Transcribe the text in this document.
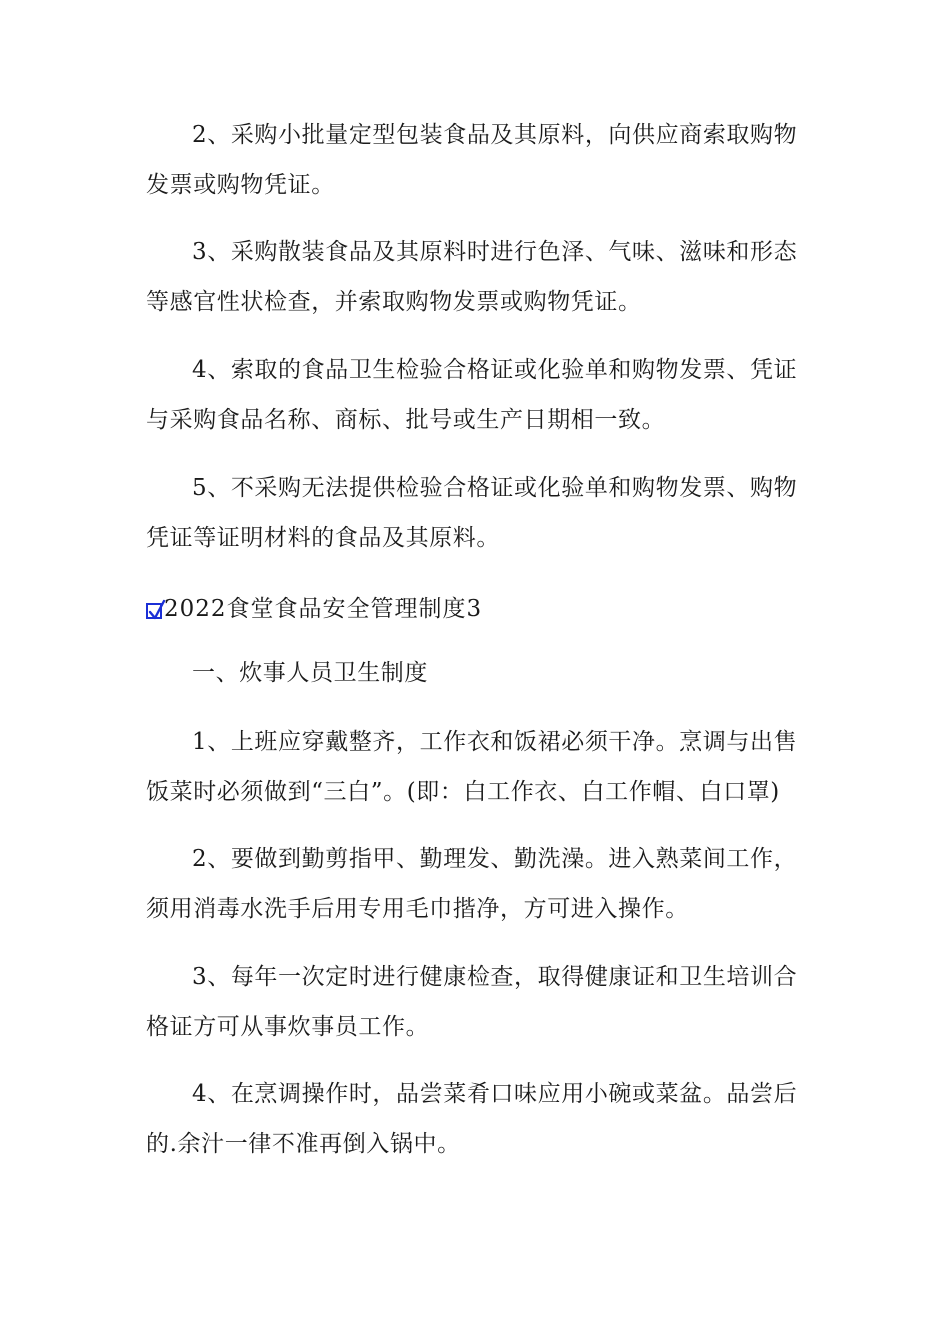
2、采购小批量定型包装食品及其原料，向供应商索取购物
发票或购物凭证。

3、采购散装食品及其原料时进行色泽、气味、滋味和形态
等感官性状检查，并索取购物发票或购物凭证。

4、索取的食品卫生检验合格证或化验单和购物发票、凭证
与采购食品名称、商标、批号或生产日期相一致。

5、不采购无法提供检验合格证或化验单和购物发票、购物
凭证等证明材料的食品及其原料。

2022食堂食品安全管理制度3

一、炊事人员卫生制度

1、上班应穿戴整齐，工作衣和饭裙必须干净。烹调与出售
饭菜时必须做到“三白”。(即：白工作衣、白工作帽、白口罩)

2、要做到勤剪指甲、勤理发、勤洗澡。进入熟菜间工作，
须用消毒水洗手后用专用毛巾揩净，方可进入操作。

3、每年一次定时进行健康检查，取得健康证和卫生培训合
格证方可从事炊事员工作。

4、在烹调操作时，品尝菜肴口味应用小碗或菜盆。品尝后
的.余汁一律不准再倒入锅中。
